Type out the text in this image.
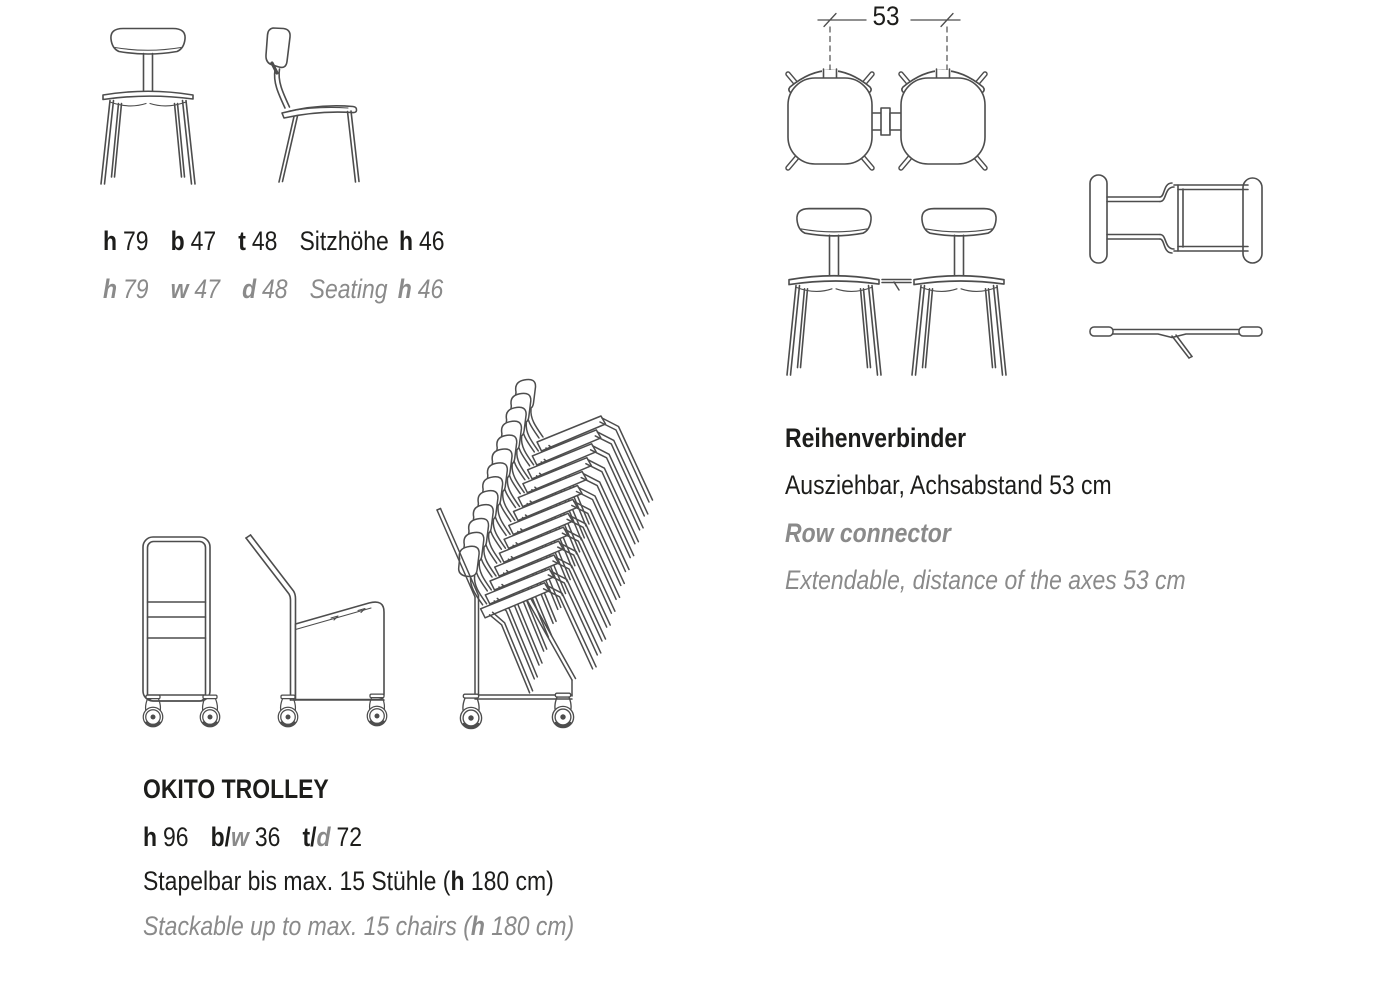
h 79 b 47 t 48 Sitzhöhe h 46
h 79 w 47 d 48 Seating h 46
53
Reihenverbinder
Ausziehbar, Achsabstand 53 cm
Row connector
Extendable, distance of the axes 53 cm
OKITO TROLLEY
h 96 b/w 36 t/d 72
Stapelbar bis max. 15 Stühle (h 180 cm)
Stackable up to max. 15 chairs (h 180 cm)
